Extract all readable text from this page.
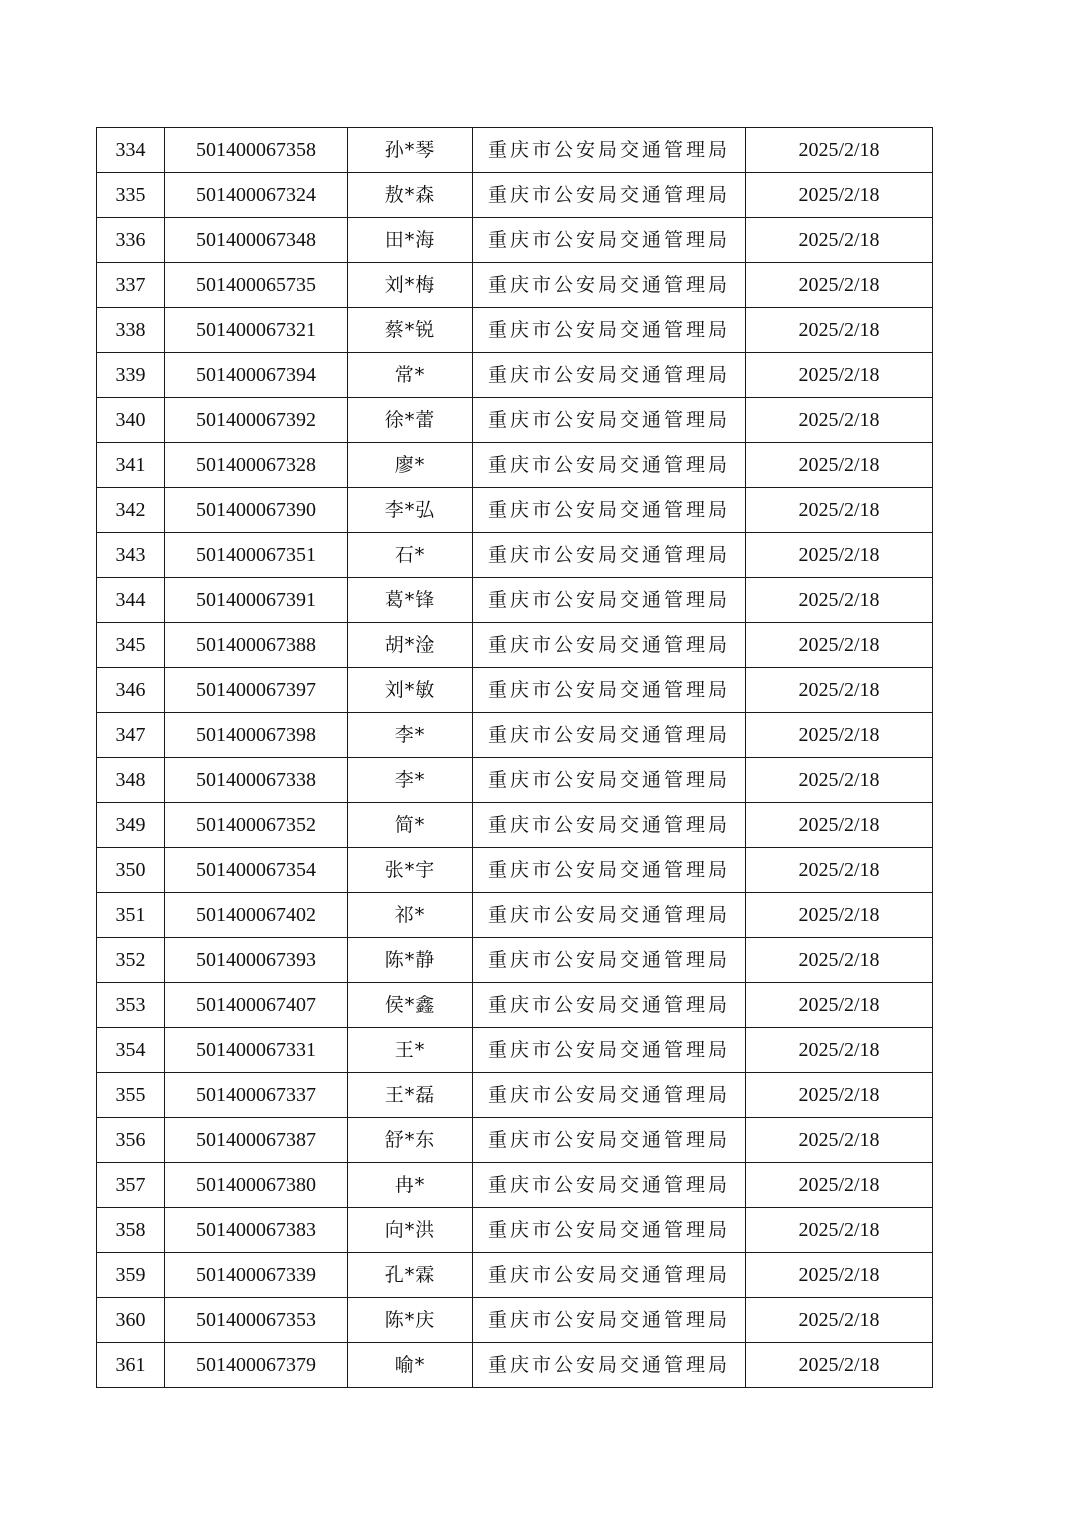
334	501400067358	孙*琴	重庆市公安局交通管理局	2025/2/18
335	501400067324	敖*森	重庆市公安局交通管理局	2025/2/18
336	501400067348	田*海	重庆市公安局交通管理局	2025/2/18
337	501400065735	刘*梅	重庆市公安局交通管理局	2025/2/18
338	501400067321	蔡*锐	重庆市公安局交通管理局	2025/2/18
339	501400067394	常*	重庆市公安局交通管理局	2025/2/18
340	501400067392	徐*蕾	重庆市公安局交通管理局	2025/2/18
341	501400067328	廖*	重庆市公安局交通管理局	2025/2/18
342	501400067390	李*弘	重庆市公安局交通管理局	2025/2/18
343	501400067351	石*	重庆市公安局交通管理局	2025/2/18
344	501400067391	葛*锋	重庆市公安局交通管理局	2025/2/18
345	501400067388	胡*淦	重庆市公安局交通管理局	2025/2/18
346	501400067397	刘*敏	重庆市公安局交通管理局	2025/2/18
347	501400067398	李*	重庆市公安局交通管理局	2025/2/18
348	501400067338	李*	重庆市公安局交通管理局	2025/2/18
349	501400067352	简*	重庆市公安局交通管理局	2025/2/18
350	501400067354	张*宇	重庆市公安局交通管理局	2025/2/18
351	501400067402	祁*	重庆市公安局交通管理局	2025/2/18
352	501400067393	陈*静	重庆市公安局交通管理局	2025/2/18
353	501400067407	侯*鑫	重庆市公安局交通管理局	2025/2/18
354	501400067331	王*	重庆市公安局交通管理局	2025/2/18
355	501400067337	王*磊	重庆市公安局交通管理局	2025/2/18
356	501400067387	舒*东	重庆市公安局交通管理局	2025/2/18
357	501400067380	冉*	重庆市公安局交通管理局	2025/2/18
358	501400067383	向*洪	重庆市公安局交通管理局	2025/2/18
359	501400067339	孔*霖	重庆市公安局交通管理局	2025/2/18
360	501400067353	陈*庆	重庆市公安局交通管理局	2025/2/18
361	501400067379	喻*	重庆市公安局交通管理局	2025/2/18
